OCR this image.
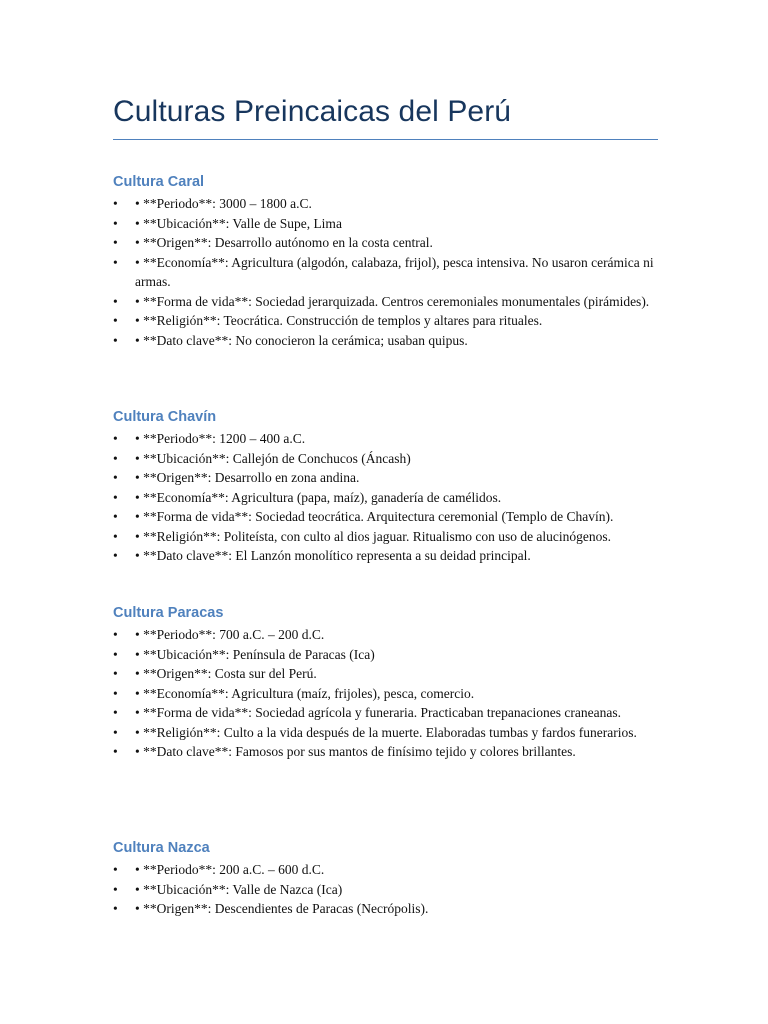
Culturas Preincaicas del Perú
Cultura Caral
•	• **Periodo**: 3000 – 1800 a.C.
•	• **Ubicación**: Valle de Supe, Lima
•	• **Origen**: Desarrollo autónomo en la costa central.
•	• **Economía**: Agricultura (algodón, calabaza, frijol), pesca intensiva. No usaron cerámica ni armas.
•	• **Forma de vida**: Sociedad jerarquizada. Centros ceremoniales monumentales (pirámides).
•	• **Religión**: Teocrática. Construcción de templos y altares para rituales.
•	• **Dato clave**: No conocieron la cerámica; usaban quipus.
Cultura Chavín
•	• **Periodo**: 1200 – 400 a.C.
•	• **Ubicación**: Callejón de Conchucos (Áncash)
•	• **Origen**: Desarrollo en zona andina.
•	• **Economía**: Agricultura (papa, maíz), ganadería de camélidos.
•	• **Forma de vida**: Sociedad teocrática. Arquitectura ceremonial (Templo de Chavín).
•	• **Religión**: Politeísta, con culto al dios jaguar. Ritualismo con uso de alucinógenos.
•	• **Dato clave**: El Lanzón monolítico representa a su deidad principal.
Cultura Paracas
•	• **Periodo**: 700 a.C. – 200 d.C.
•	• **Ubicación**: Península de Paracas (Ica)
•	• **Origen**: Costa sur del Perú.
•	• **Economía**: Agricultura (maíz, frijoles), pesca, comercio.
•	• **Forma de vida**: Sociedad agrícola y funeraria. Practicaban trepanaciones craneanas.
•	• **Religión**: Culto a la vida después de la muerte. Elaboradas tumbas y fardos funerarios.
•	• **Dato clave**: Famosos por sus mantos de finísimo tejido y colores brillantes.
Cultura Nazca
•	• **Periodo**: 200 a.C. – 600 d.C.
•	• **Ubicación**: Valle de Nazca (Ica)
•	• **Origen**: Descendientes de Paracas (Necrópolis).
